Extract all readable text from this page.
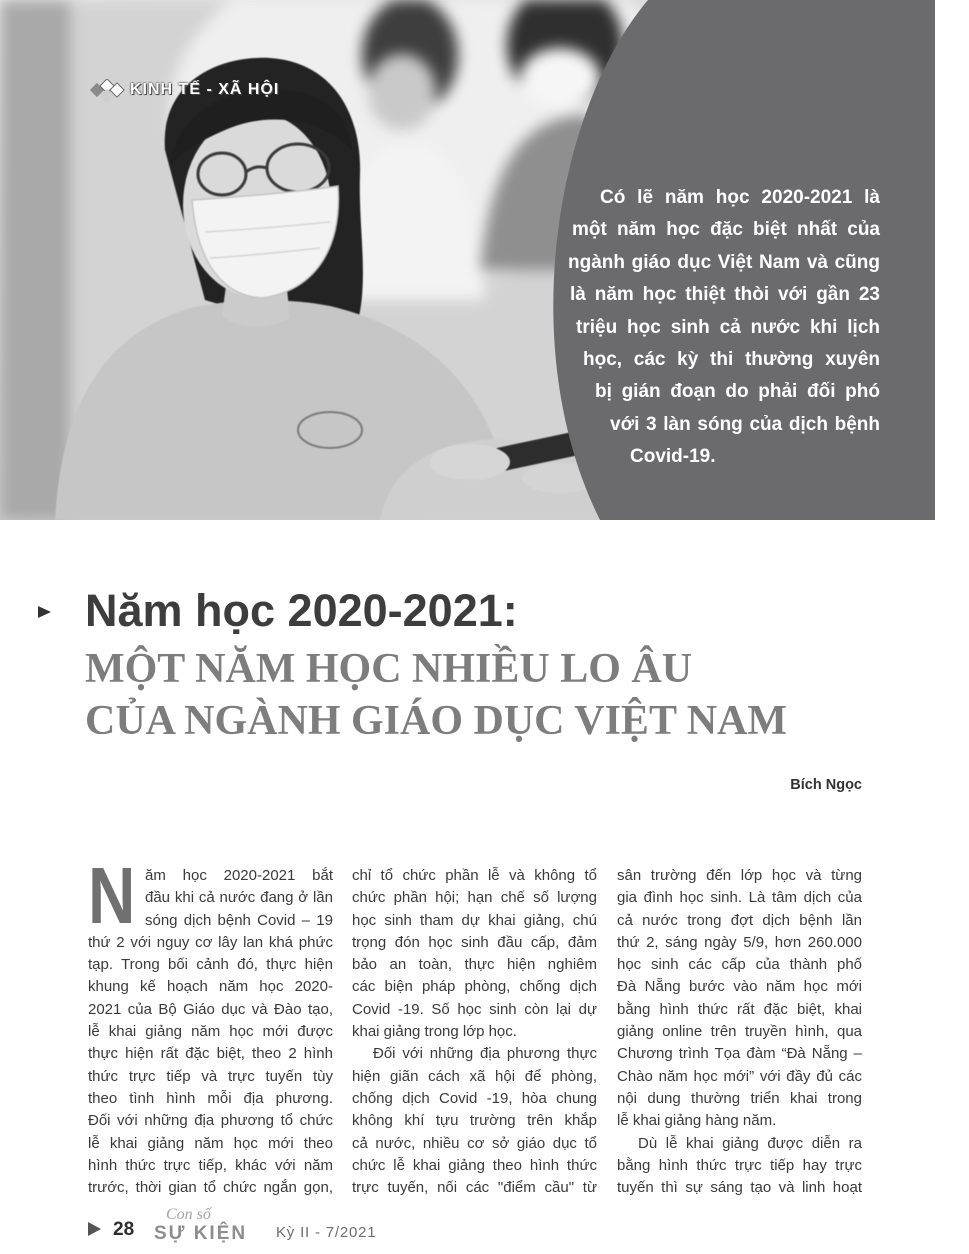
KINH TẾ - XÃ HỘI
Có lẽ năm học 2020-2021 là
một năm học đặc biệt nhất của
ngành giáo dục Việt Nam và cũng
là năm học thiệt thòi với gần 23
triệu học sinh cả nước khi lịch
học, các kỳ thi thường xuyên
bị gián đoạn do phải đối phó
với 3 làn sóng của dịch bệnh
Covid-19.
Năm học 2020-2021:
MỘT NĂM HỌC NHIỀU LO ÂU
CỦA NGÀNH GIÁO DỤC VIỆT NAM
Bích Ngọc
N ăm học 2020-2021 bắt
đầu khi cả nước đang ở lần
sóng dịch bệnh Covid – 19
thứ 2 với nguy cơ lây lan khá phức
tạp. Trong bối cảnh đó, thực hiện
khung kế hoạch năm học 2020-
2021 của Bộ Giáo dục và Đào tạo,
lễ khai giảng năm học mới được
thực hiện rất đặc biệt, theo 2 hình
thức trực tiếp và trực tuyến tùy
theo tình hình mỗi địa phương.
Đối với những địa phương tổ chức
lễ khai giảng năm học mới theo
hình thức trực tiếp, khác với năm
trước, thời gian tổ chức ngắn gọn,
chỉ tổ chức phần lễ và không tổ
chức phần hội; hạn chế số lượng
học sinh tham dự khai giảng, chú
trọng đón học sinh đầu cấp, đảm
bảo an toàn, thực hiện nghiêm
các biện pháp phòng, chống dịch
Covid -19. Số học sinh còn lại dự
khai giảng trong lớp học.
Đối với những địa phương thực
hiện giãn cách xã hội để phòng,
chống dịch Covid -19, hòa chung
không khí tựu trường trên khắp
cả nước, nhiều cơ sở giáo dục tổ
chức lễ khai giảng theo hình thức
trực tuyến, nối các "điểm cầu" từ
sân trường đến lớp học và từng
gia đình học sinh. Là tâm dịch của
cả nước trong đợt dịch bệnh lần
thứ 2, sáng ngày 5/9, hơn 260.000
học sinh các cấp của thành phố
Đà Nẵng bước vào năm học mới
bằng hình thức rất đặc biệt, khai
giảng online trên truyền hình, qua
Chương trình Tọa đàm “Đà Nẵng –
Chào năm học mới” với đầy đủ các
nội dung thường triển khai trong
lễ khai giảng hàng năm.
Dù lễ khai giảng được diễn ra
bằng hình thức trực tiếp hay trực
tuyến thì sự sáng tạo và linh hoạt
28
Con số
SỰ KIỆN Kỳ II - 7/2021
